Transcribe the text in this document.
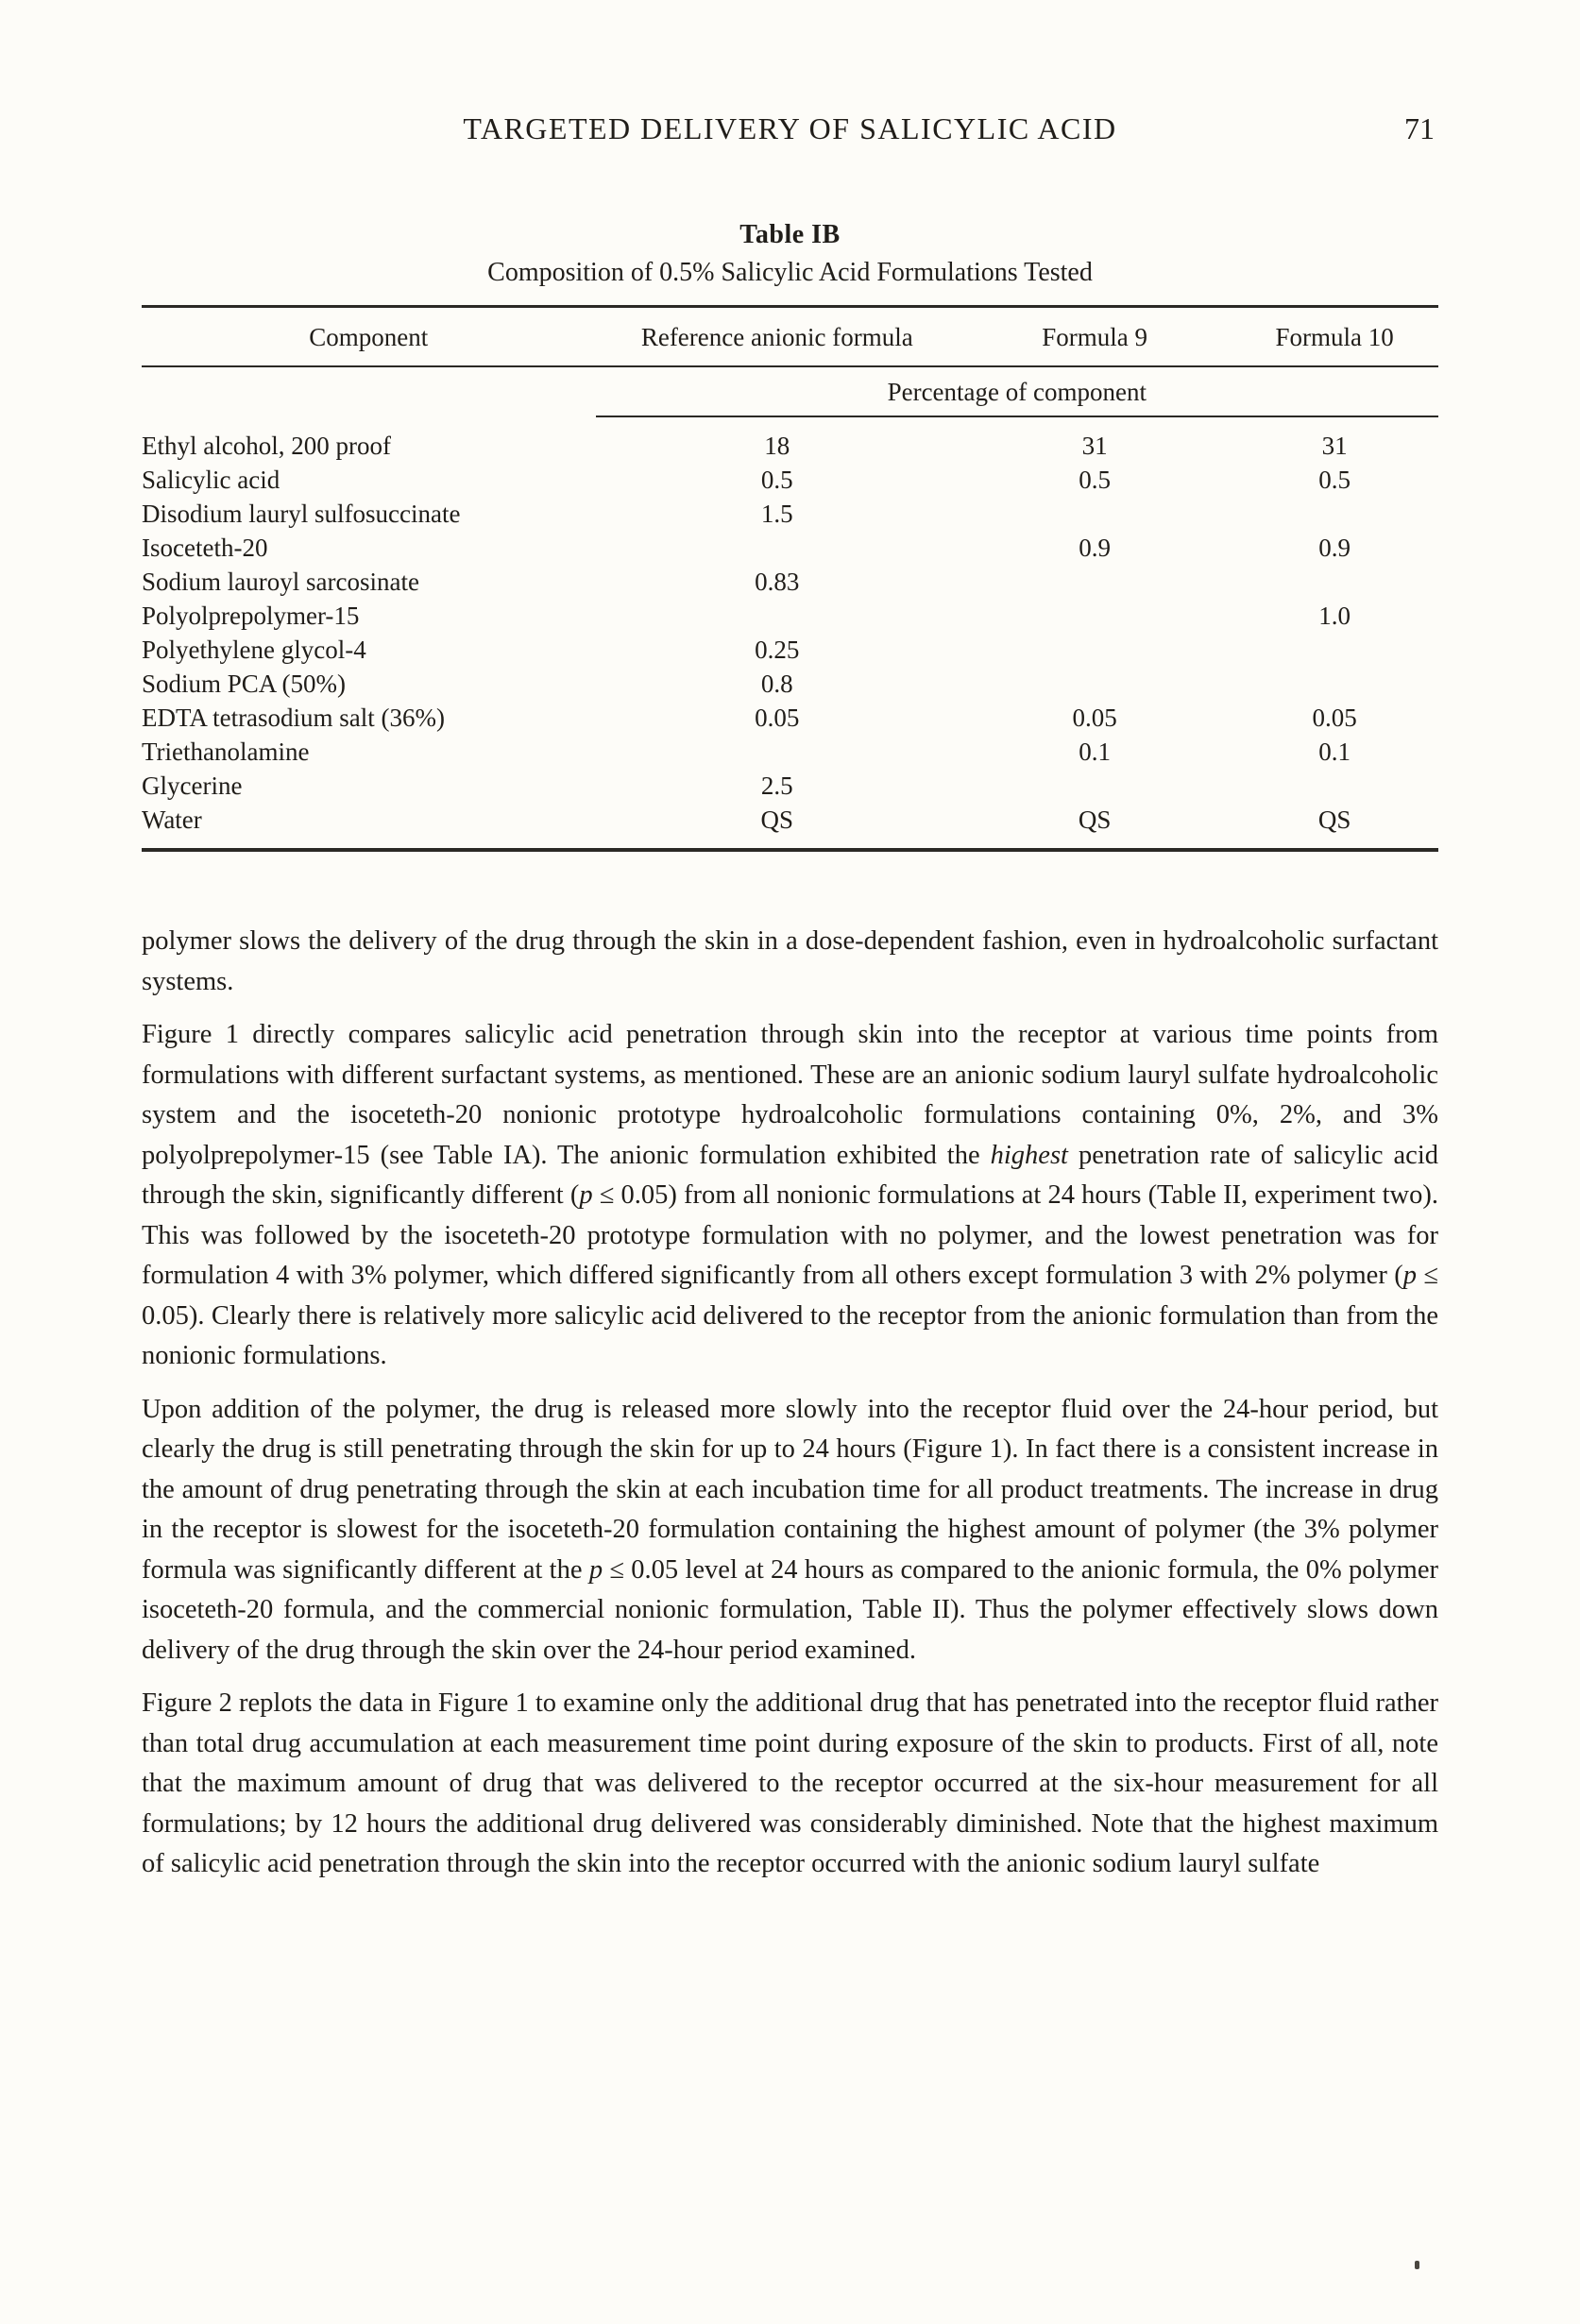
TARGETED DELIVERY OF SALICYLIC ACID	71
Table IB
Composition of 0.5% Salicylic Acid Formulations Tested
Component	Reference anionic formula	Formula 9	Formula 10
	Percentage of component		
Ethyl alcohol, 200 proof	18	31	31
Salicylic acid	0.5	0.5	0.5
Disodium lauryl sulfosuccinate	1.5		
Isoceteth-20		0.9	0.9
Sodium lauroyl sarcosinate	0.83		
Polyolprepolymer-15			1.0
Polyethylene glycol-4	0.25		
Sodium PCA (50%)	0.8		
EDTA tetrasodium salt (36%)	0.05	0.05	0.05
Triethanolamine		0.1	0.1
Glycerine	2.5		
Water	QS	QS	QS

polymer slows the delivery of the drug through the skin in a dose-dependent fashion, even in hydroalcoholic surfactant systems.

Figure 1 directly compares salicylic acid penetration through skin into the receptor at various time points from formulations with different surfactant systems, as mentioned. These are an anionic sodium lauryl sulfate hydroalcoholic system and the isoceteth-20 nonionic prototype hydroalcoholic formulations containing 0%, 2%, and 3% polyolprepolymer-15 (see Table IA). The anionic formulation exhibited the highest penetration rate of salicylic acid through the skin, significantly different (p ≤ 0.05) from all nonionic formulations at 24 hours (Table II, experiment two). This was followed by the isoceteth-20 prototype formulation with no polymer, and the lowest penetration was for formulation 4 with 3% polymer, which differed significantly from all others except formulation 3 with 2% polymer (p ≤ 0.05). Clearly there is relatively more salicylic acid delivered to the receptor from the anionic formulation than from the nonionic formulations.

Upon addition of the polymer, the drug is released more slowly into the receptor fluid over the 24-hour period, but clearly the drug is still penetrating through the skin for up to 24 hours (Figure 1). In fact there is a consistent increase in the amount of drug penetrating through the skin at each incubation time for all product treatments. The increase in drug in the receptor is slowest for the isoceteth-20 formulation containing the highest amount of polymer (the 3% polymer formula was significantly different at the p ≤ 0.05 level at 24 hours as compared to the anionic formula, the 0% polymer isoceteth-20 formula, and the commercial nonionic formulation, Table II). Thus the polymer effectively slows down delivery of the drug through the skin over the 24-hour period examined.

Figure 2 replots the data in Figure 1 to examine only the additional drug that has penetrated into the receptor fluid rather than total drug accumulation at each measurement time point during exposure of the skin to products. First of all, note that the maximum amount of drug that was delivered to the receptor occurred at the six-hour measurement for all formulations; by 12 hours the additional drug delivered was considerably diminished. Note that the highest maximum of salicylic acid penetration through the skin into the receptor occurred with the anionic sodium lauryl sulfate
